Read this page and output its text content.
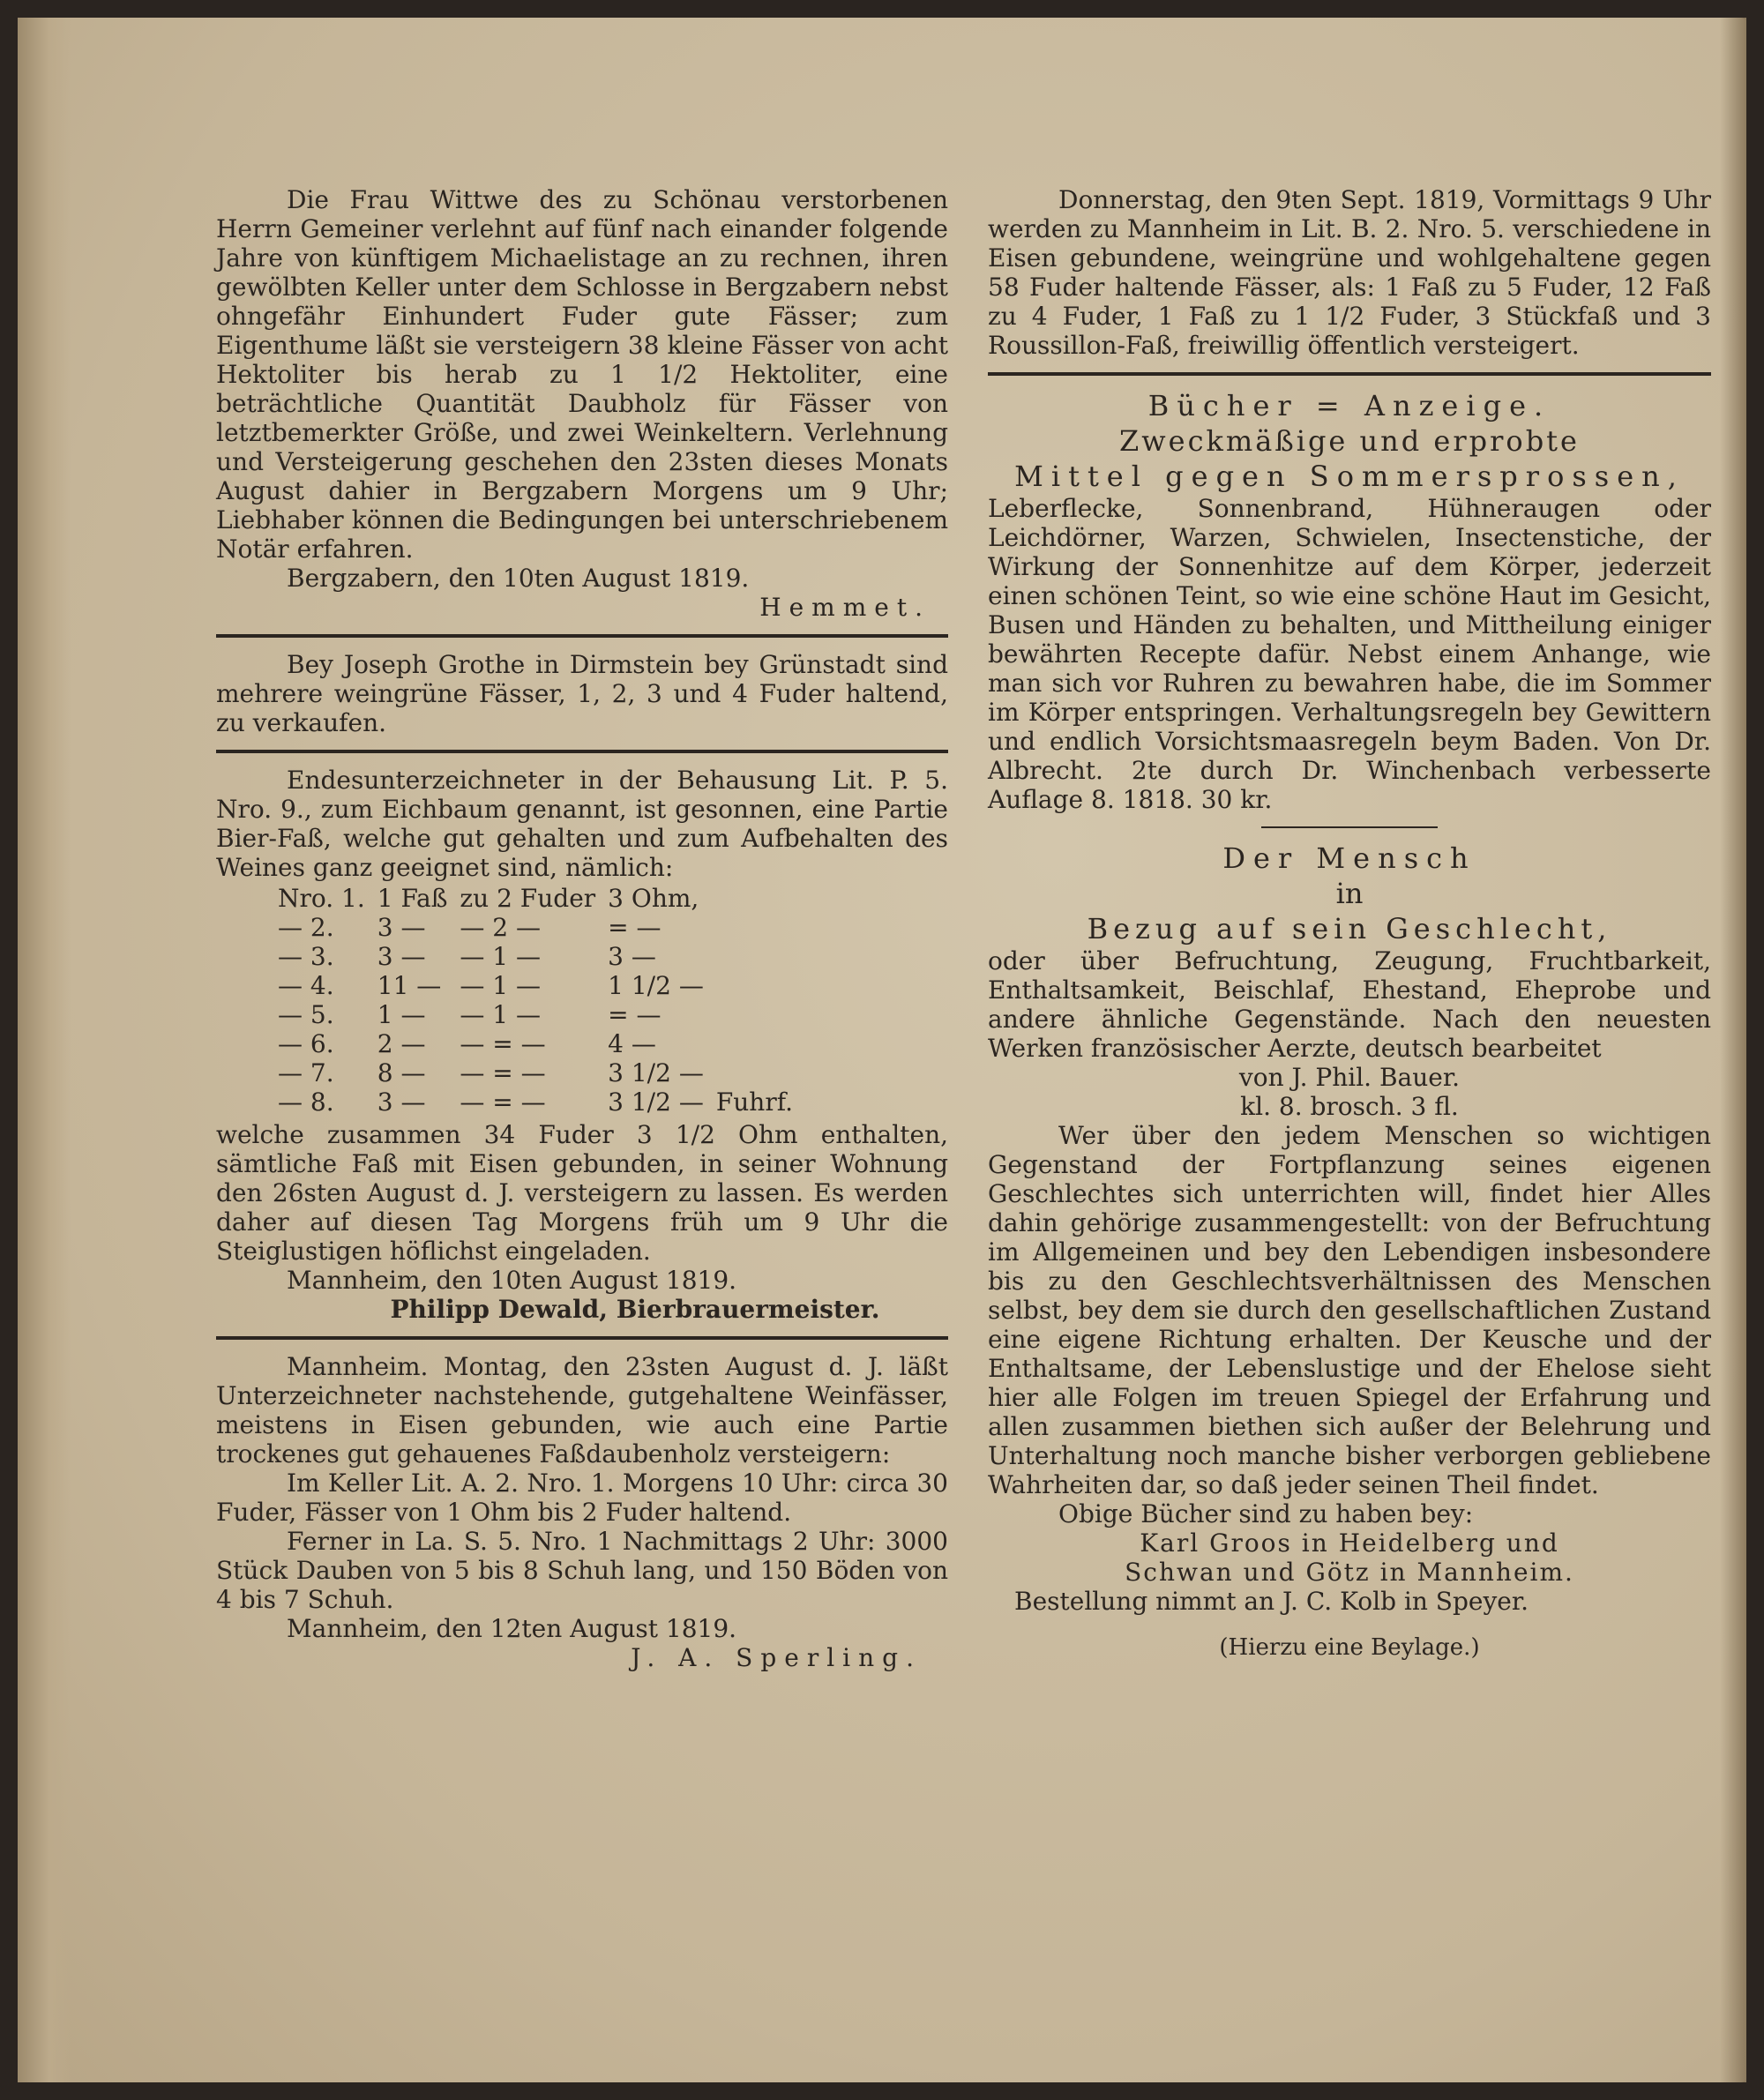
Die Frau Wittwe des zu Schönau verstorbenen Herrn Gemeiner verlehnt auf fünf nach einander folgende Jahre von künftigem Michaelistage an zu rechnen, ihren gewölbten Keller unter dem Schlosse in Bergzabern nebst ohngefähr Einhundert Fuder gute Fässer; zum Eigenthume läßt sie versteigern 38 kleine Fässer von acht Hektoliter bis herab zu 1 1/2 Hektoliter, eine beträchtliche Quantität Daubholz für Fässer von letztbemerkter Größe, und zwei Weinkeltern. Verlehnung und Versteigerung geschehen den 23sten dieses Monats August dahier in Bergzabern Morgens um 9 Uhr; Liebhaber können die Bedingungen bei unterschriebenem Notär erfahren.

Bergzabern, den 10ten August 1819.

Hemmet.

Bey Joseph Grothe in Dirmstein bey Grünstadt sind mehrere weingrüne Fässer, 1, 2, 3 und 4 Fuder haltend, zu verkaufen.

Endesunterzeichneter in der Behausung Lit. P. 5. Nro. 9., zum Eichbaum genannt, ist gesonnen, eine Partie Bier-Faß, welche gut gehalten und zum Aufbehalten des Weines ganz geeignet sind, nämlich:

Nro. 1.	1 Faß	zu 2 Fuder	3 Ohm,	
— 2.	3 —	— 2 —	= —	
— 3.	3 —	— 1 —	3 —	
— 4.	11 —	— 1 —	1 1/2 —	
— 5.	1 —	— 1 —	= —	
— 6.	2 —	— = —	4 —	
— 7.	8 —	— = —	3 1/2 —	
— 8.	3 —	— = —	3 1/2 —	Fuhrf.

welche zusammen 34 Fuder 3 1/2 Ohm enthalten, sämtliche Faß mit Eisen gebunden, in seiner Wohnung den 26sten August d. J. versteigern zu lassen. Es werden daher auf diesen Tag Morgens früh um 9 Uhr die Steiglustigen höflichst eingeladen.

Mannheim, den 10ten August 1819.

Philipp Dewald, Bierbrauermeister.

Mannheim. Montag, den 23sten August d. J. läßt Unterzeichneter nachstehende, gutgehaltene Weinfässer, meistens in Eisen gebunden, wie auch eine Partie trockenes gut gehauenes Faßdaubenholz versteigern:

Im Keller Lit. A. 2. Nro. 1. Morgens 10 Uhr: circa 30 Fuder, Fässer von 1 Ohm bis 2 Fuder haltend.

Ferner in La. S. 5. Nro. 1 Nachmittags 2 Uhr: 3000 Stück Dauben von 5 bis 8 Schuh lang, und 150 Böden von 4 bis 7 Schuh.

Mannheim, den 12ten August 1819.

J. A. Sperling.

Donnerstag, den 9ten Sept. 1819, Vormittags 9 Uhr werden zu Mannheim in Lit. B. 2. Nro. 5. verschiedene in Eisen gebundene, weingrüne und wohlgehaltene gegen 58 Fuder haltende Fässer, als: 1 Faß zu 5 Fuder, 12 Faß zu 4 Fuder, 1 Faß zu 1 1/2 Fuder, 3 Stückfaß und 3 Roussillon-Faß, freiwillig öffentlich versteigert.

Bücher = Anzeige.

Zweckmäßige und erprobte

Mittel gegen Sommersprossen,

Leberflecke, Sonnenbrand, Hühneraugen oder Leichdörner, Warzen, Schwielen, Insectenstiche, der Wirkung der Sonnenhitze auf dem Körper, jederzeit einen schönen Teint, so wie eine schöne Haut im Gesicht, Busen und Händen zu behalten, und Mittheilung einiger bewährten Recepte dafür. Nebst einem Anhange, wie man sich vor Ruhren zu bewahren habe, die im Sommer im Körper entspringen. Verhaltungsregeln bey Gewittern und endlich Vorsichtsmaasregeln beym Baden. Von Dr. Albrecht. 2te durch Dr. Winchenbach verbesserte Auflage 8. 1818. 30 kr.

Der Mensch

in

Bezug auf sein Geschlecht,

oder über Befruchtung, Zeugung, Fruchtbarkeit, Enthaltsamkeit, Beischlaf, Ehestand, Eheprobe und andere ähnliche Gegenstände. Nach den neuesten Werken französischer Aerzte, deutsch bearbeitet

von J. Phil. Bauer.

kl. 8. brosch. 3 fl.

Wer über den jedem Menschen so wichtigen Gegenstand der Fortpflanzung seines eigenen Geschlechtes sich unterrichten will, findet hier Alles dahin gehörige zusammengestellt: von der Befruchtung im Allgemeinen und bey den Lebendigen insbesondere bis zu den Geschlechtsverhältnissen des Menschen selbst, bey dem sie durch den gesellschaftlichen Zustand eine eigene Richtung erhalten. Der Keusche und der Enthaltsame, der Lebenslustige und der Ehelose sieht hier alle Folgen im treuen Spiegel der Erfahrung und allen zusammen biethen sich außer der Belehrung und Unterhaltung noch manche bisher verborgen gebliebene Wahrheiten dar, so daß jeder seinen Theil findet.

Obige Bücher sind zu haben bey:

Karl Groos in Heidelberg und

Schwan und Götz in Mannheim.

Bestellung nimmt an J. C. Kolb in Speyer.

(Hierzu eine Beylage.)
